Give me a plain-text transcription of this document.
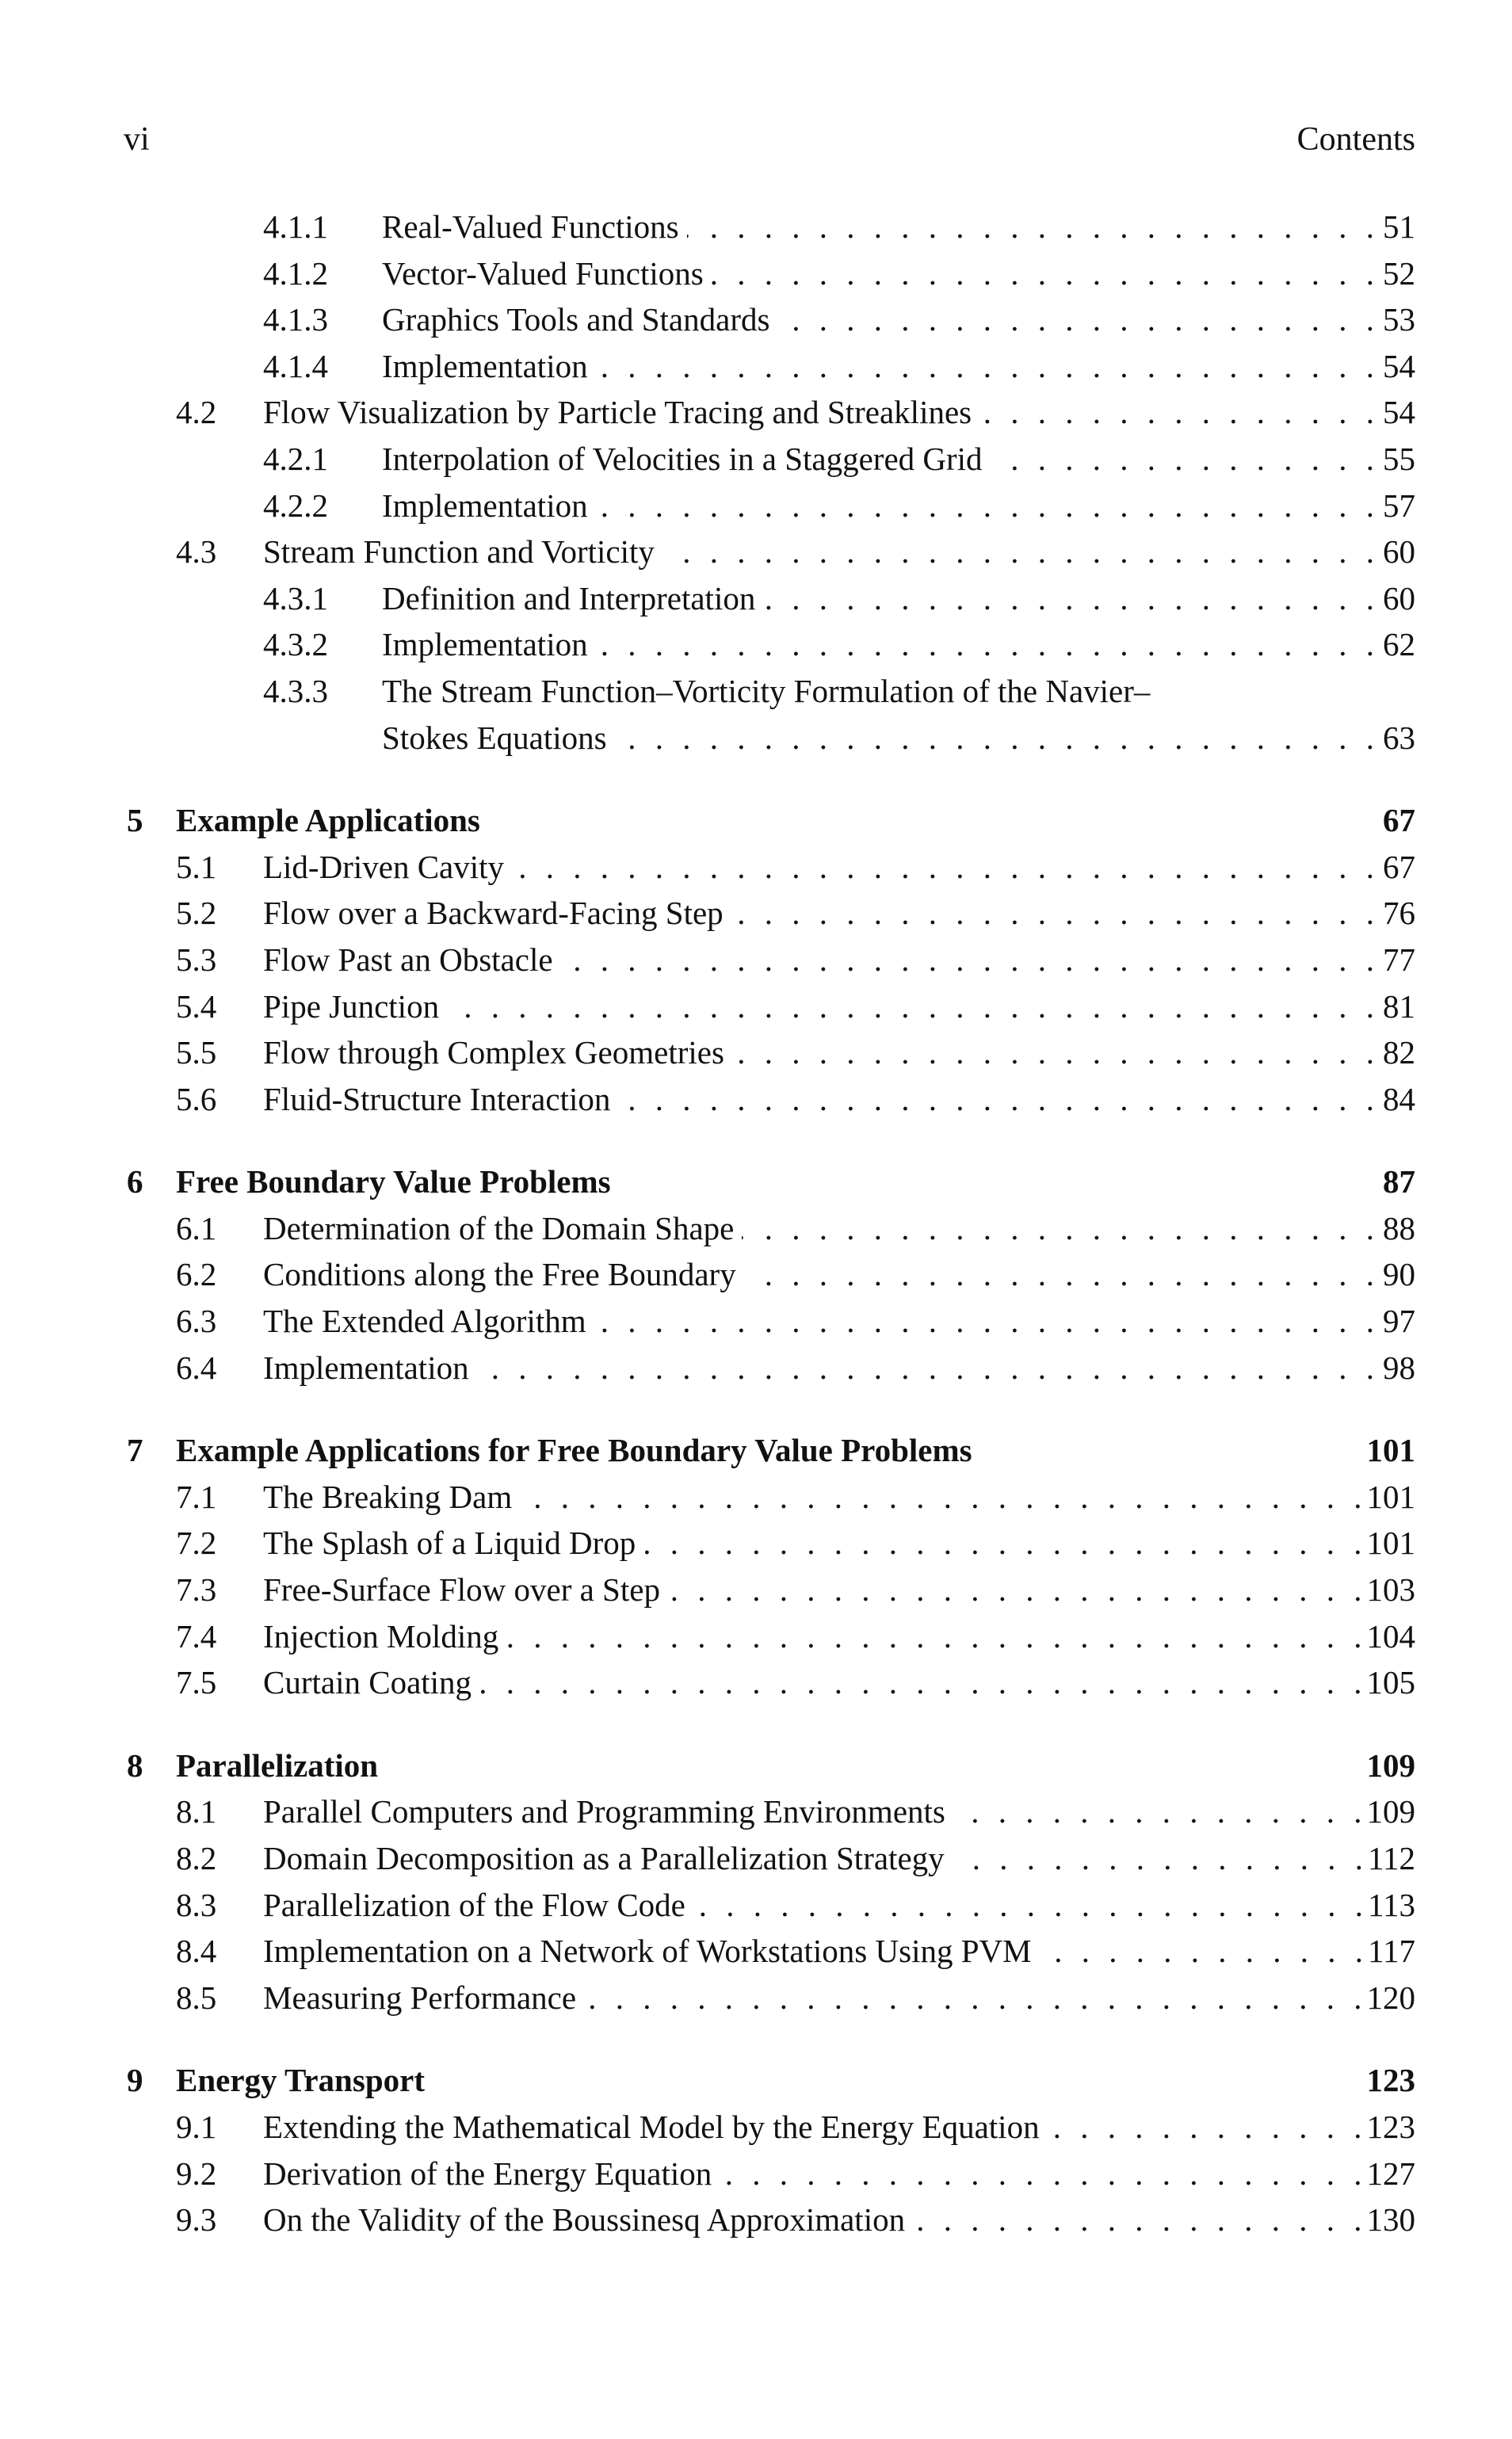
vi	Contents
4.1.1	Real-Valued Functions . . .	51
4.1.2	Vector-Valued Functions . . .	52
4.1.3	Graphics Tools and Standards . . .	53
4.1.4	Implementation . . .	54
4.2	Flow Visualization by Particle Tracing and Streaklines . . .	54
4.2.1	Interpolation of Velocities in a Staggered Grid . . .	55
4.2.2	Implementation . . .	57
4.3	Stream Function and Vorticity . . .	60
4.3.1	Definition and Interpretation . . .	60
4.3.2	Implementation . . .	62
4.3.3	The Stream Function–Vorticity Formulation of the Navier–
Stokes Equations . . .	63
5	Example Applications	67
5.1	Lid-Driven Cavity . . .	67
5.2	Flow over a Backward-Facing Step . . .	76
5.3	Flow Past an Obstacle . . .	77
5.4	Pipe Junction . . .	81
5.5	Flow through Complex Geometries . . .	82
5.6	Fluid-Structure Interaction . . .	84
6	Free Boundary Value Problems	87
6.1	Determination of the Domain Shape . . .	88
6.2	Conditions along the Free Boundary . . .	90
6.3	The Extended Algorithm . . .	97
6.4	Implementation . . .	98
7	Example Applications for Free Boundary Value Problems	101
7.1	The Breaking Dam . . .	101
7.2	The Splash of a Liquid Drop . . .	101
7.3	Free-Surface Flow over a Step . . .	103
7.4	Injection Molding . . .	104
7.5	Curtain Coating . . .	105
8	Parallelization	109
8.1	Parallel Computers and Programming Environments . . .	109
8.2	Domain Decomposition as a Parallelization Strategy . . .	112
8.3	Parallelization of the Flow Code . . .	113
8.4	Implementation on a Network of Workstations Using PVM . . .	117
8.5	Measuring Performance . . .	120
9	Energy Transport	123
9.1	Extending the Mathematical Model by the Energy Equation . . .	123
9.2	Derivation of the Energy Equation . . .	127
9.3	On the Validity of the Boussinesq Approximation . . .	130
